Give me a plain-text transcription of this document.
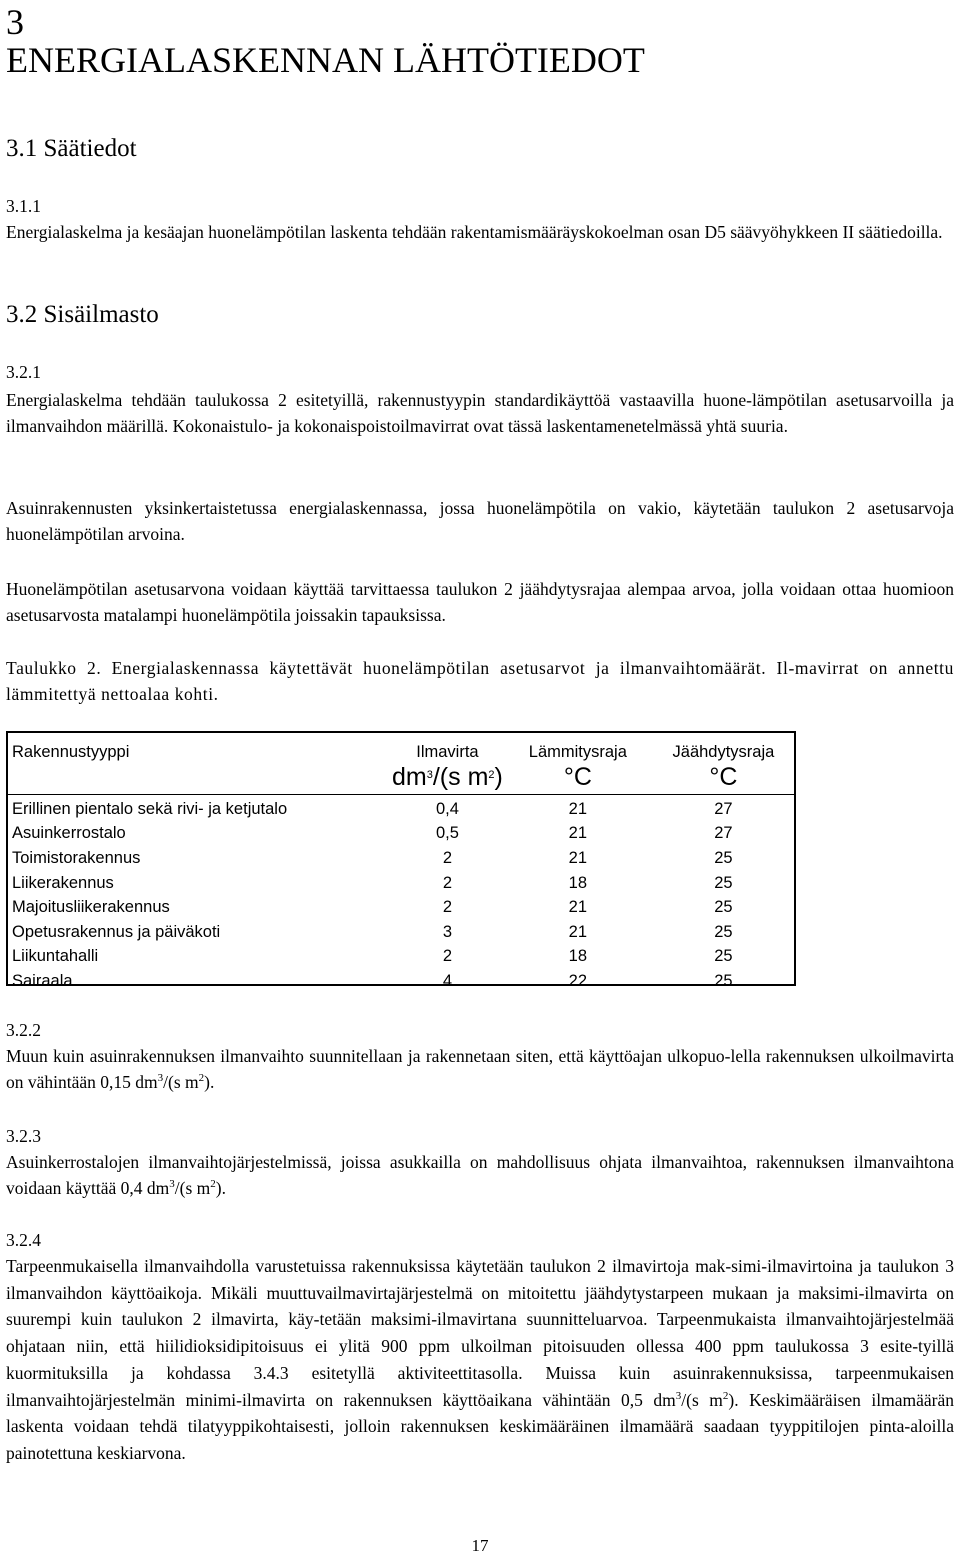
3
ENERGIALASKENNAN LÄHTÖTIEDOT
3.1 Säätiedot
3.1.1
Energialaskelma ja kesäajan huonelämpötilan laskenta tehdään rakentamismääräyskokoelman osan D5 säävyöhykkeen II säätiedoilla.
3.2 Sisäilmasto
3.2.1
Energialaskelma tehdään taulukossa 2 esitetyillä, rakennustyypin standardikäyttöä vastaavilla huone-lämpötilan asetusarvoilla ja ilmanvaihdon määrillä. Kokonaistulo- ja kokonaispoistoilmavirrat ovat tässä laskentamenetelmässä yhtä suuria.
Asuinrakennusten yksinkertaistetussa energialaskennassa, jossa huonelämpötila on vakio, käytetään taulukon 2 asetusarvoja huonelämpötilan arvoina.
Huonelämpötilan asetusarvona voidaan käyttää tarvittaessa taulukon 2 jäähdytysrajaa alempaa arvoa, jolla voidaan ottaa huomioon asetusarvosta matalampi huonelämpötila joissakin tapauksissa.
Taulukko 2. Energialaskennassa käytettävät huonelämpötilan asetusarvot ja ilmanvaihtomäärät. Il-mavirrat on annettu lämmitettyä nettoalaa kohti.
Rakennustyyppi	Ilmavirta	Lämmitysraja	Jäähdytysraja
	$dm^3/(s$ $m^2$)	°C	°C
Erillinen pientalo sekä rivi- ja ketjutalo	0,4	21	27
Asuinkerrostalo	0,5	21	27
Toimistorakennus	2	21	25
Liikerakennus	2	18	25
Majoitusliikerakennus	2	21	25
Opetusrakennus ja päiväkoti	3	21	25
Liikuntahalli	2	18	25
Sairaala	4	22	25
3.2.2
Muun kuin asuinrakennuksen ilmanvaihto suunnitellaan ja rakennetaan siten, että käyttöajan ulkopuo-lella rakennuksen ulkoilmavirta on vähintään 0,15 $dm^3/(s$ $m^2$).
3.2.3
Asuinkerrostalojen ilmanvaihtojärjestelmissä, joissa asukkailla on mahdollisuus ohjata ilmanvaihtoa, rakennuksen ilmanvaihtona voidaan käyttää 0,4 $dm^3/(s$ $m^2$).
3.2.4
Tarpeenmukaisella ilmanvaihdolla varustetuissa rakennuksissa käytetään taulukon 2 ilmavirtoja mak-simi-ilmavirtoina ja taulukon 3 ilmanvaihdon käyttöaikoja. Mikäli muuttuvailmavirtajärjestelmä on mitoitettu jäähdytystarpeen mukaan ja maksimi-ilmavirta on suurempi kuin taulukon 2 ilmavirta, käy-tetään maksimi-ilmavirtana suunnitteluarvoa. Tarpeenmukaista ilmanvaihtojärjestelmää ohjataan niin, että hiilidioksidipitoisuus ei ylitä 900 ppm ulkoilman pitoisuuden ollessa 400 ppm taulukossa 3 esite-tyillä kuormituksilla ja kohdassa 3.4.3 esitetyllä aktiviteettitasolla. Muissa kuin asuinrakennuksissa, tarpeenmukaisen ilmanvaihtojärjestelmän minimi-ilmavirta on rakennuksen käyttöaikana vähintään 0,5 $dm^3/(s$ $m^2$). Keskimääräisen ilmamäärän laskenta voidaan tehdä tilatyyppikohtaisesti, jolloin rakennuksen keskimääräinen ilmamäärä saadaan tyyppitilojen pinta-aloilla painotettuna keskiarvona.
17
